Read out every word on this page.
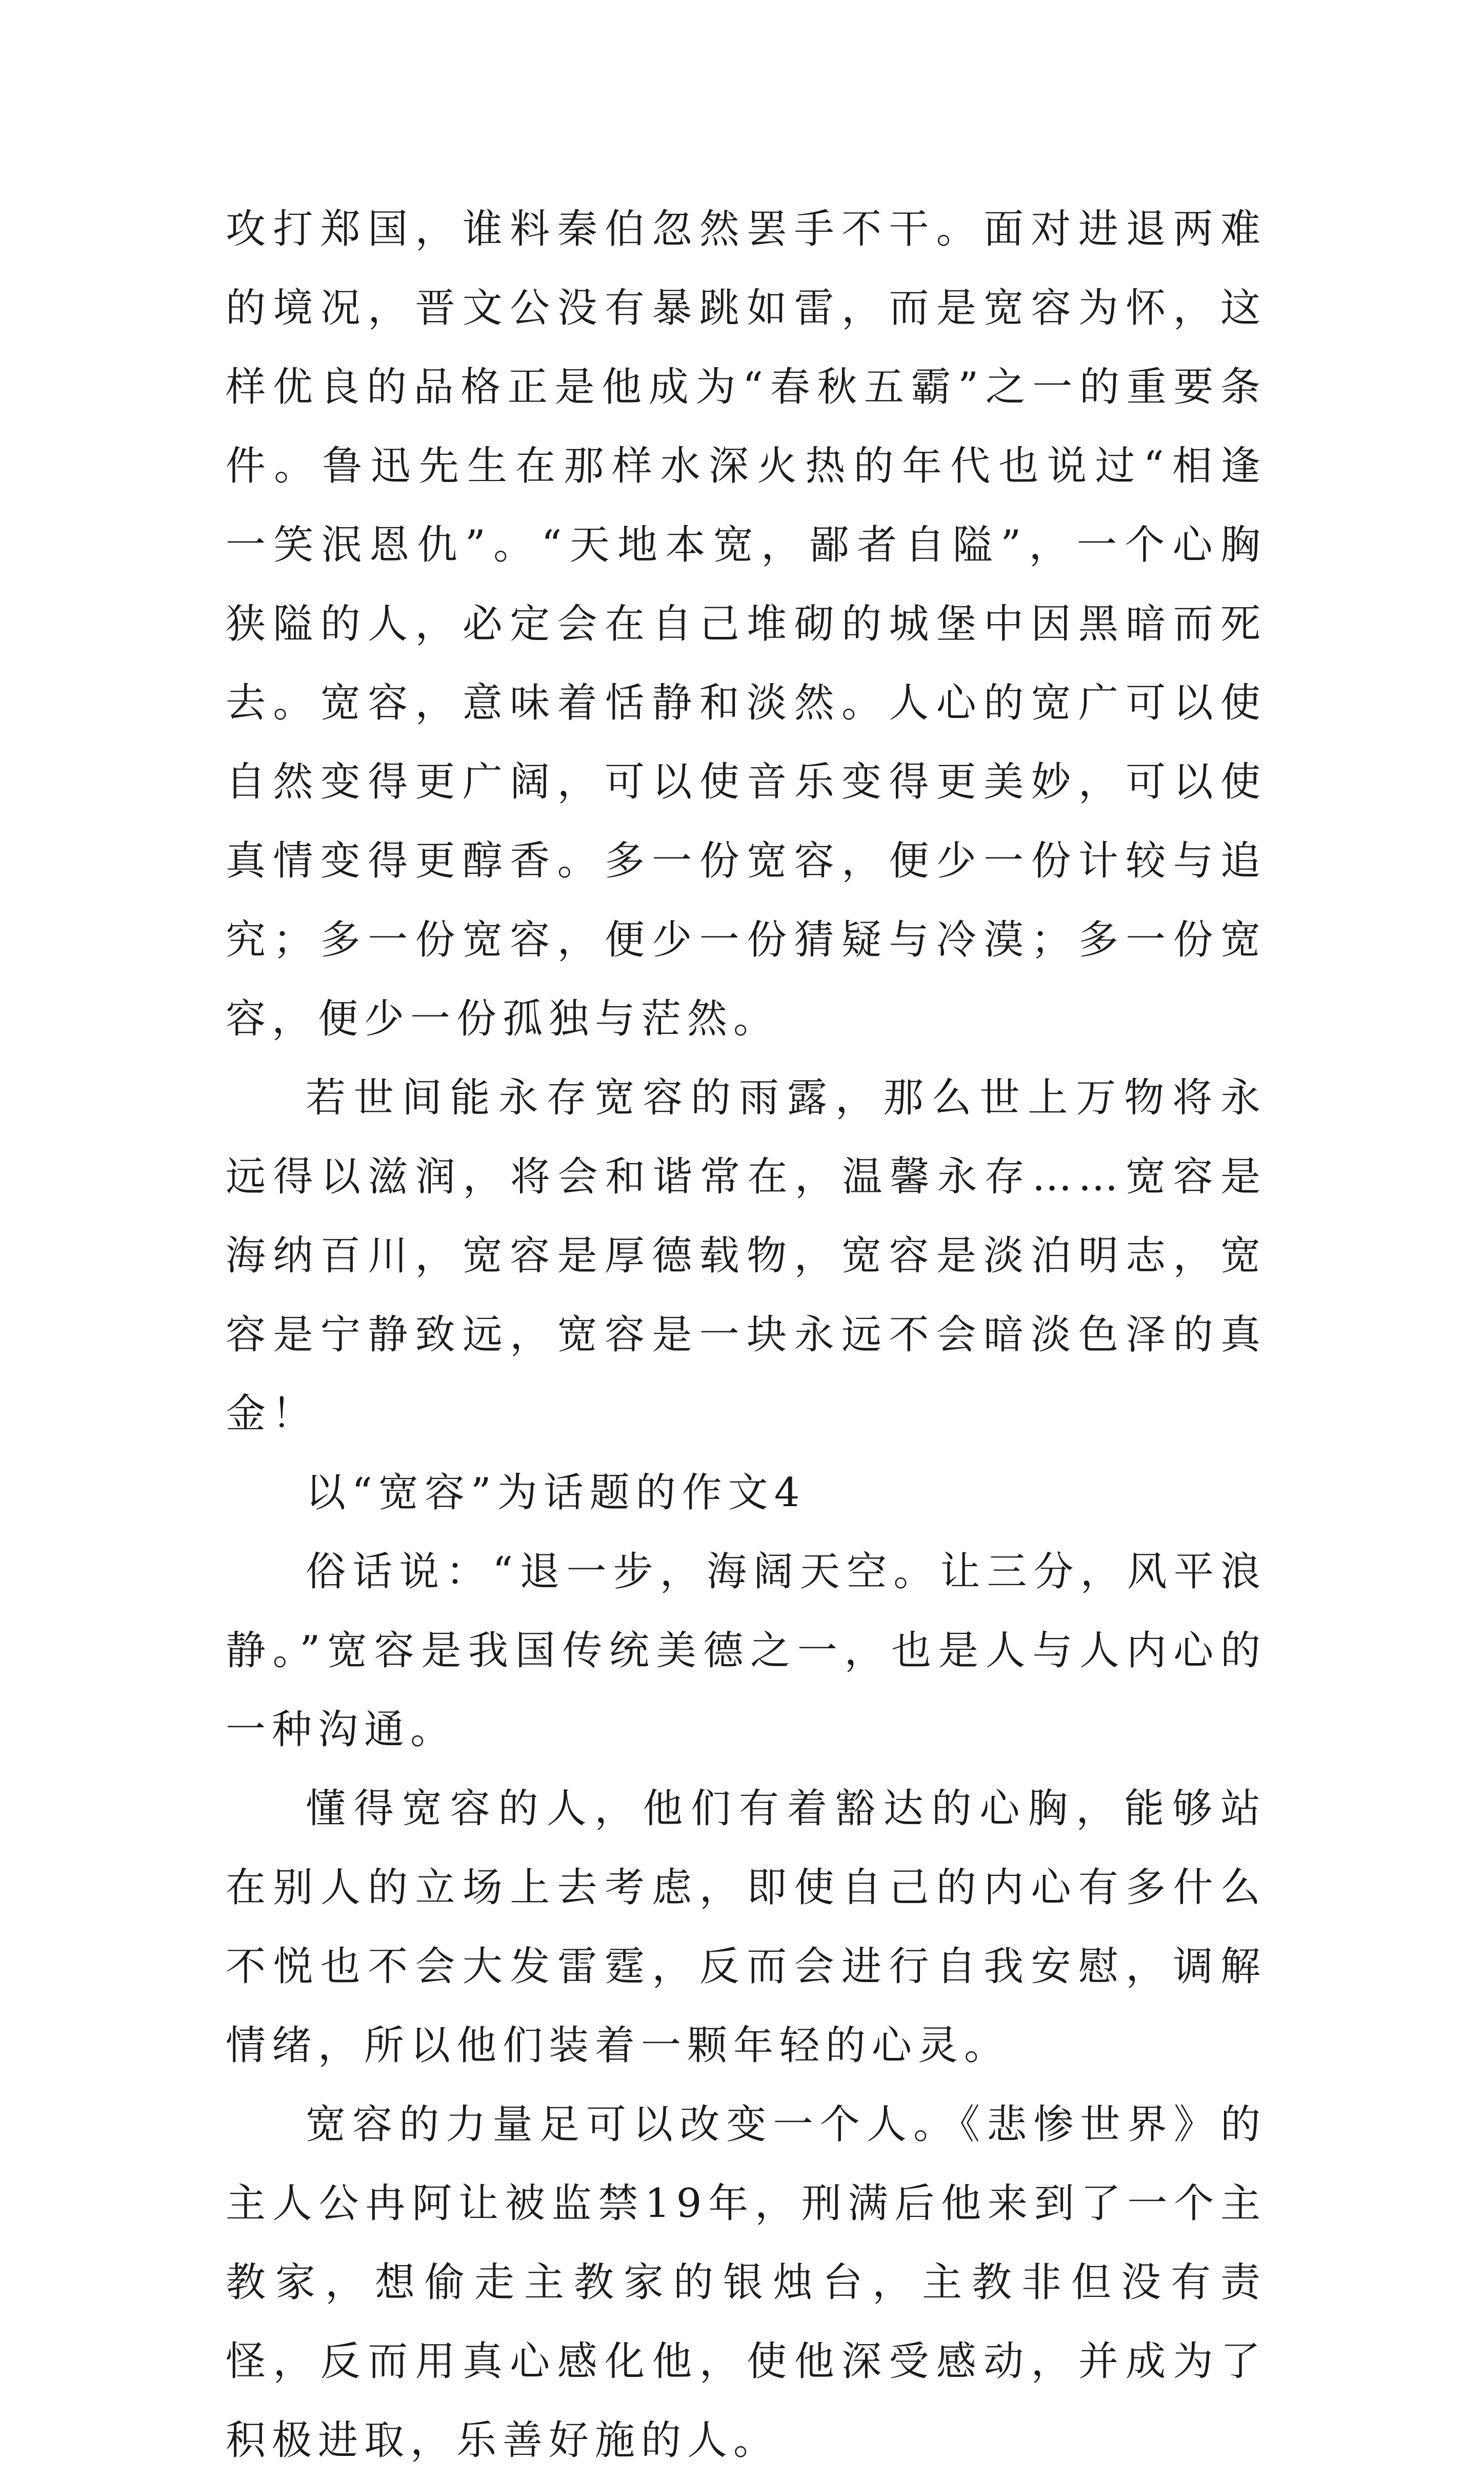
攻打郑国，谁料秦伯忽然罢手不干。面对进退两难的境况，晋文公没有暴跳如雷，而是宽容为怀，这样优良的品格正是他成为“春秋五霸”之一的重要条件。鲁迅先生在那样水深火热的年代也说过“相逢一笑泯恩仇”。“天地本宽，鄙者自隘”，一个心胸狭隘的人，必定会在自己堆砌的城堡中因黑暗而死去。宽容，意味着恬静和淡然。人心的宽广可以使自然变得更广阔，可以使音乐变得更美妙，可以使真情变得更醇香。多一份宽容，便少一份计较与追究；多一份宽容，便少一份猜疑与冷漠；多一份宽容，便少一份孤独与茫然。

若世间能永存宽容的雨露，那么世上万物将永远得以滋润，将会和谐常在，温馨永存……宽容是海纳百川，宽容是厚德载物，宽容是淡泊明志，宽容是宁静致远，宽容是一块永远不会暗淡色泽的真金！

以“宽容”为话题的作文4

俗话说：“退一步，海阔天空。让三分，风平浪静。”宽容是我国传统美德之一，也是人与人内心的一种沟通。

懂得宽容的人，他们有着豁达的心胸，能够站在别人的立场上去考虑，即使自己的内心有多什么不悦也不会大发雷霆，反而会进行自我安慰，调解情绪，所以他们装着一颗年轻的心灵。

宽容的力量足可以改变一个人。《悲惨世界》的主人公冉阿让被监禁19年，刑满后他来到了一个主教家，想偷走主教家的银烛台，主教非但没有责怪，反而用真心感化他，使他深受感动，并成为了积极进取，乐善好施的人。
